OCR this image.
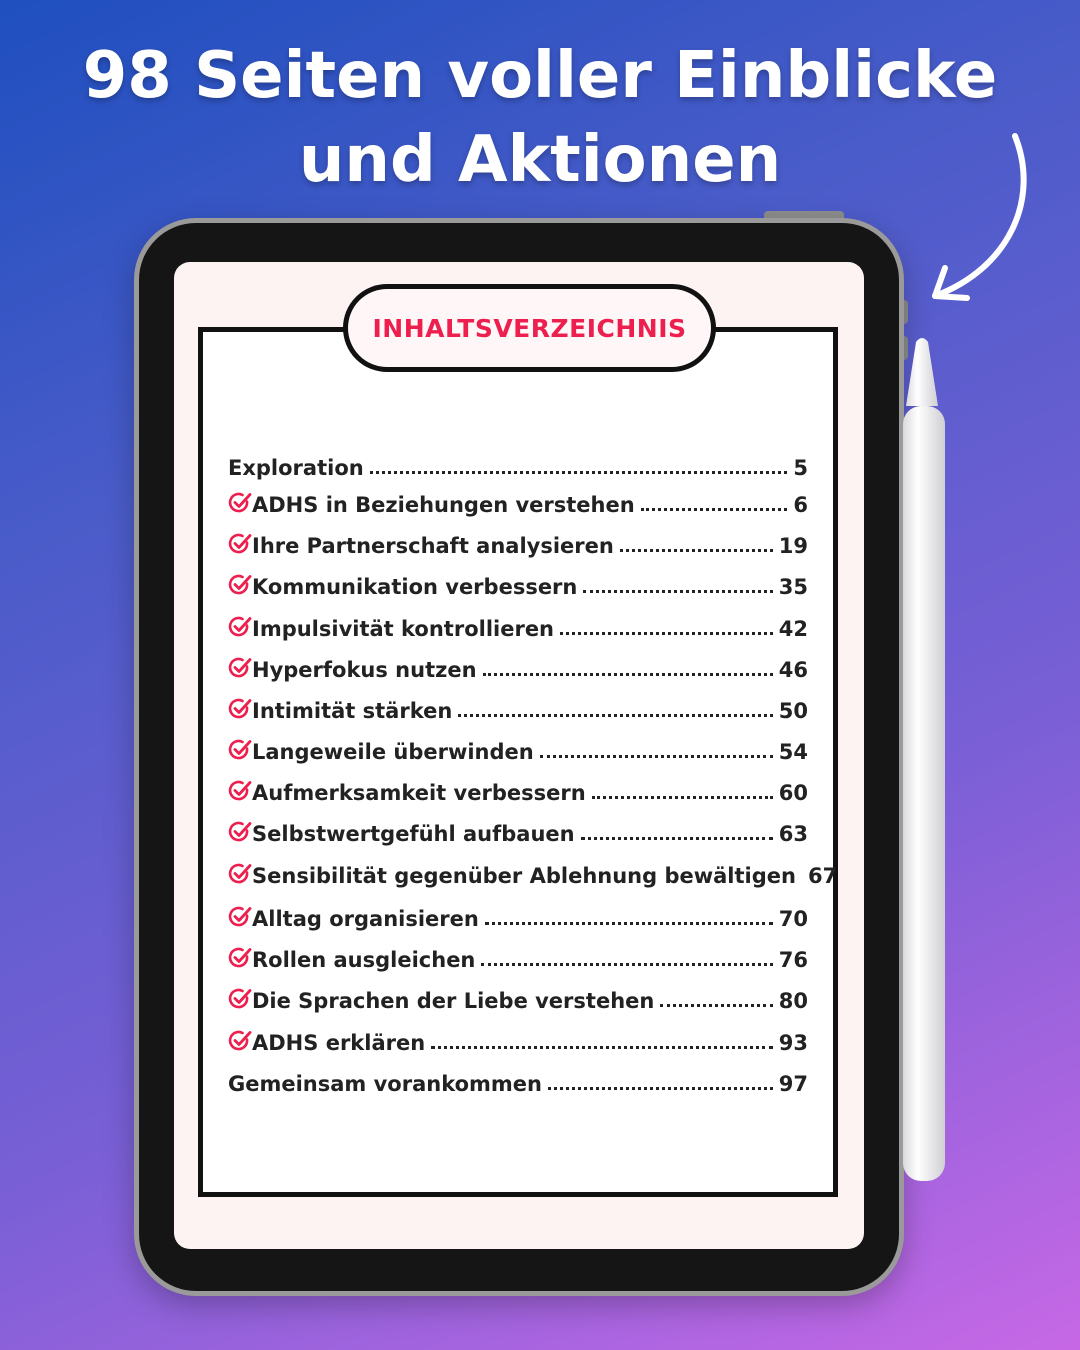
98 Seiten voller Einblicke
und Aktionen
INHALTSVERZEICHNIS
Exploration	5
ADHS in Beziehungen verstehen	6
Ihre Partnerschaft analysieren	19
Kommunikation verbessern	35
Impulsivität kontrollieren	42
Hyperfokus nutzen	46
Intimität stärken	50
Langeweile überwinden	54
Aufmerksamkeit verbessern	60
Selbstwertgefühl aufbauen	63
Sensibilität gegenüber Ablehnung bewältigen 67
Alltag organisieren	70
Rollen ausgleichen	76
Die Sprachen der Liebe verstehen	80
ADHS erklären	93
Gemeinsam vorankommen	97
